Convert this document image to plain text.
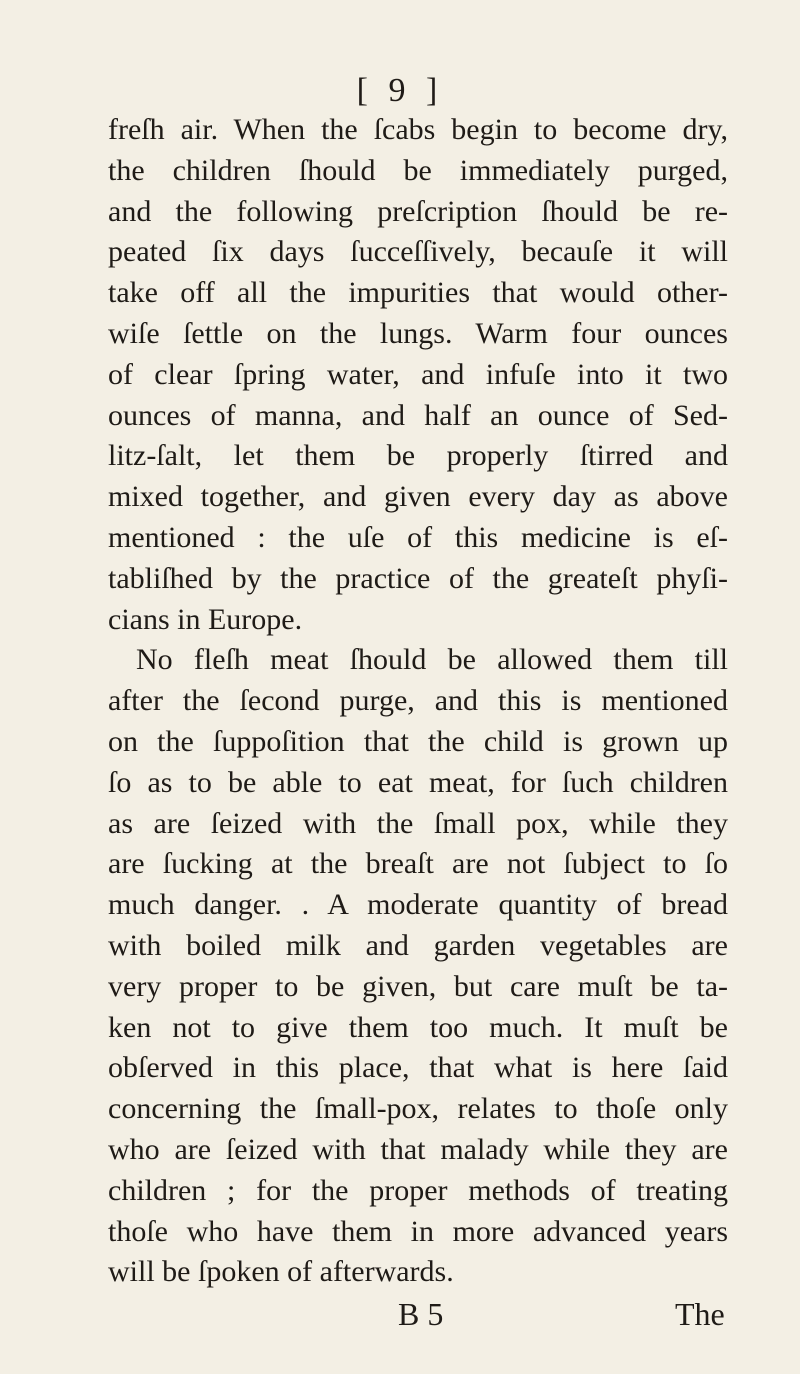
[ 9 ]
freſh air. When the ſcabs begin to become dry,
the children ſhould be immediately purged,
and the following preſcription ſhould be re-
peated ſix days ſucceſſively, becauſe it will
take off all the impurities that would other-
wiſe ſettle on the lungs. Warm four ounces
of clear ſpring water, and infuſe into it two
ounces of manna, and half an ounce of Sed-
litz-ſalt, let them be properly ſtirred and
mixed together, and given every day as above
mentioned : the uſe of this medicine is eſ-
tabliſhed by the practice of the greateſt phyſi-
cians in Europe.
No fleſh meat ſhould be allowed them till
after the ſecond purge, and this is mentioned
on the ſuppoſition that the child is grown up
ſo as to be able to eat meat, for ſuch children
as are ſeized with the ſmall pox, while they
are ſucking at the breaſt are not ſubject to ſo
much danger. . A moderate quantity of bread
with boiled milk and garden vegetables are
very proper to be given, but care muſt be ta-
ken not to give them too much. It muſt be
obſerved in this place, that what is here ſaid
concerning the ſmall-pox, relates to thoſe only
who are ſeized with that malady while they are
children ; for the proper methods of treating
thoſe who have them in more advanced years
will be ſpoken of afterwards.
B 5	The
